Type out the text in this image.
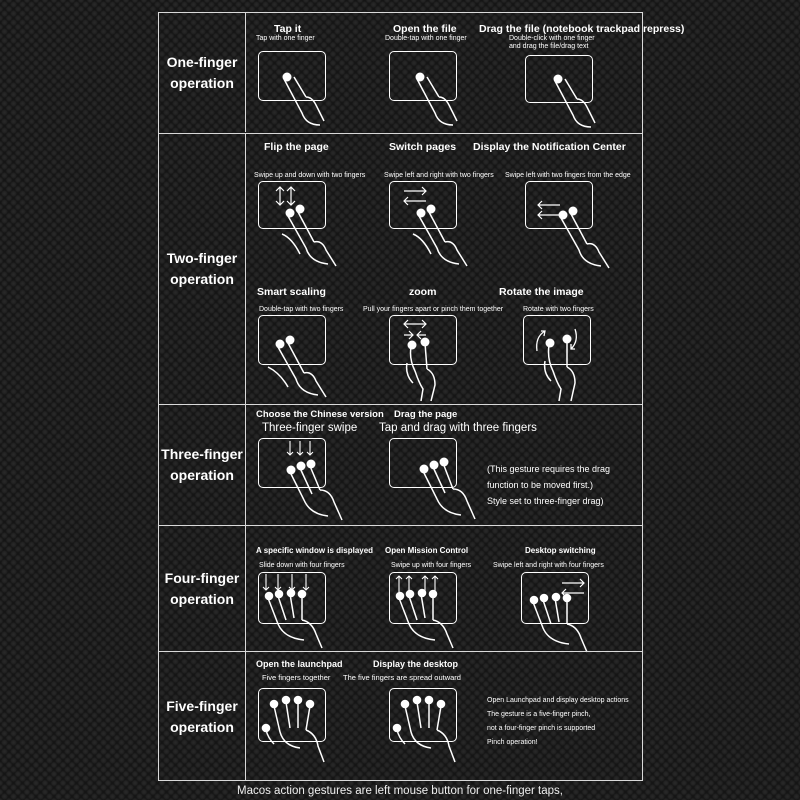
One-finger
operation
Tap it
Tap with one finger
Open the file
Double-tap with one finger
Drag the file (notebook trackpad repress)
Double-click with one finger
and drag the file/drag text
Two-finger
operation
Flip the page
Swipe up and down with two fingers
Switch pages
Swipe left and right with two fingers
Display the Notification Center
Swipe left with two fingers from the edge
Smart scaling
Double-tap with two fingers
zoom
Pull your fingers apart or pinch them together
Rotate the image
Rotate with two fingers
Three-finger
operation
Choose the Chinese version
Three-finger swipe
Drag the page
Tap and drag with three fingers
(This gesture requires the drag
function to be moved first.)
Style set to three-finger drag)
Four-finger
operation
A specific window is displayed
Slide down with four fingers
Open Mission Control
Swipe up with four fingers
Desktop switching
Swipe left and right with four fingers
Five-finger
operation
Open the launchpad
Five fingers together
Display the desktop
The five fingers are spread outward
Open Launchpad and display desktop actions
The gesture is a five-finger pinch,
not a four-finger pinch is supported
Pinch operation!
Macos action gestures are left mouse button for one-finger taps,
